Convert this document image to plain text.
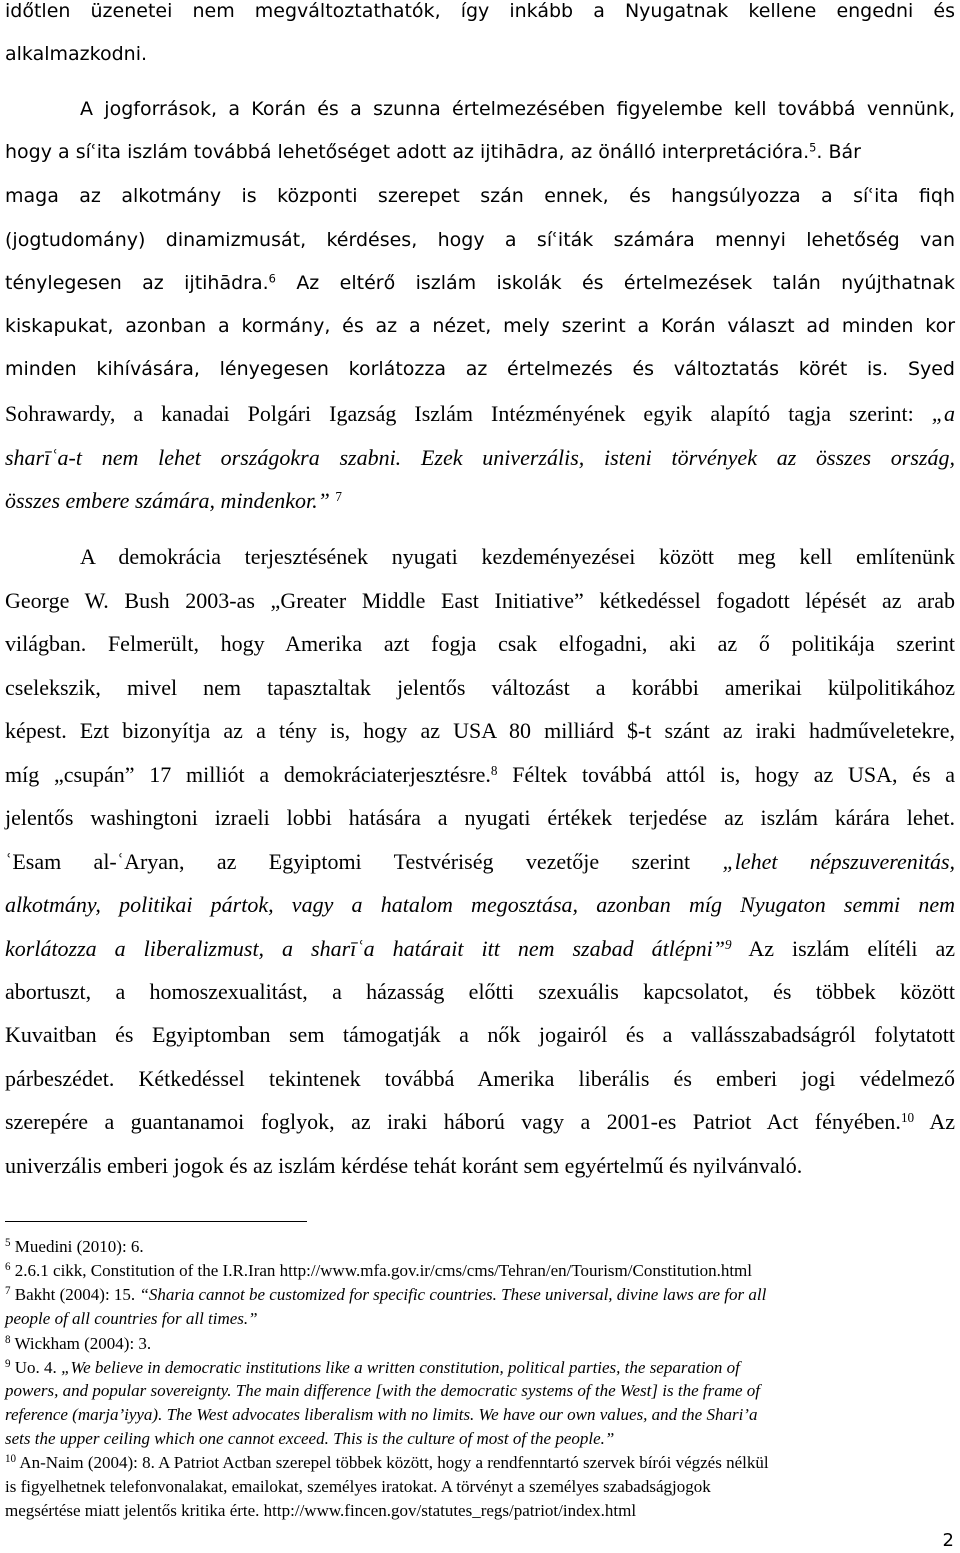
időtlen üzenetei nem megváltoztathatók, így inkább a Nyugatnak kellene engedni és
alkalmazkodni.
A jogforrások, a Korán és a szunna értelmezésében figyelembe kell továbbá vennünk,
hogy a síʿita iszlám továbbá lehetőséget adott az ijtihādra, az önálló interpretációra.$^5$. Bár
maga az alkotmány is központi szerepet szán ennek, és hangsúlyozza a síʿita fiqh
(jogtudomány) dinamizmusát, kérdéses, hogy a síʿiták számára mennyi lehetőség van
ténylegesen az ijtihādra.$^6$ Az eltérő iszlám iskolák és értelmezések talán nyújthatnak
kiskapukat, azonban a kormány, és az a nézet, mely szerint a Korán választ ad minden kor
minden kihívására, lényegesen korlátozza az értelmezés és változtatás körét is. Syed
Sohrawardy, a kanadai Polgári Igazság Iszlám Intézményének egyik alapító tagja szerint: „a
sharīʿa-t nem lehet országokra szabni. Ezek univerzális, isteni törvények az összes ország,
összes embere számára, mindenkor.” $^7$
A demokrácia terjesztésének nyugati kezdeményezései között meg kell említenünk
George W. Bush 2003-as „Greater Middle East Initiative” kétkedéssel fogadott lépését az arab
világban. Felmerült, hogy Amerika azt fogja csak elfogadni, aki az ő politikája szerint
cselekszik, mivel nem tapasztaltak jelentős változást a korábbi amerikai külpolitikához
képest. Ezt bizonyítja az a tény is, hogy az USA 80 milliárd $-t szánt az iraki hadműveletekre,
míg „csupán” 17 milliót a demokráciaterjesztésre.$^8$ Féltek továbbá attól is, hogy az USA, és a
jelentős washingtoni izraeli lobbi hatására a nyugati értékek terjedése az iszlám kárára lehet.
ʿEsam al-ʿAryan, az Egyiptomi Testvériség vezetője szerint „lehet népszuverenitás,
alkotmány, politikai pártok, vagy a hatalom megosztása, azonban míg Nyugaton semmi nem
korlátozza a liberalizmust, a sharīʿa határait itt nem szabad átlépni”$^9$ Az iszlám elítéli az
abortuszt, a homoszexualitást, a házasság előtti szexuális kapcsolatot, és többek között
Kuvaitban és Egyiptomban sem támogatják a nők jogairól és a vallásszabadságról folytatott
párbeszédet. Kétkedéssel tekintenek továbbá Amerika liberális és emberi jogi védelmező
szerepére a guantanamoi foglyok, az iraki háború vagy a 2001-es Patriot Act fényében.$^{10}$ Az
univerzális emberi jogok és az iszlám kérdése tehát koránt sem egyértelmű és nyilvánvaló.
$^5$ Muedini (2010): 6.
$^6$ 2.6.1 cikk, Constitution of the I.R.Iran http://www.mfa.gov.ir/cms/cms/Tehran/en/Tourism/Constitution.html
$^7$ Bakht (2004): 15. “Sharia cannot be customized for specific countries. These universal, divine laws are for all
people of all countries for all times.”
$^8$ Wickham (2004): 3.
$^9$ Uo. 4. „We believe in democratic institutions like a written constitution, political parties, the separation of
powers, and popular sovereignty. The main difference [with the democratic systems of the West] is the frame of
reference (marja’iyya). The West advocates liberalism with no limits. We have our own values, and the Shari’a
sets the upper ceiling which one cannot exceed. This is the culture of most of the people.”
$^{10}$ An-Naim (2004): 8. A Patriot Actban szerepel többek között, hogy a rendfenntartó szervek bírói végzés nélkül
is figyelhetnek telefonvonalakat, emailokat, személyes iratokat. A törvényt a személyes szabadságjogok
megsértése miatt jelentős kritika érte. http://www.fincen.gov/statutes_regs/patriot/index.html
2
